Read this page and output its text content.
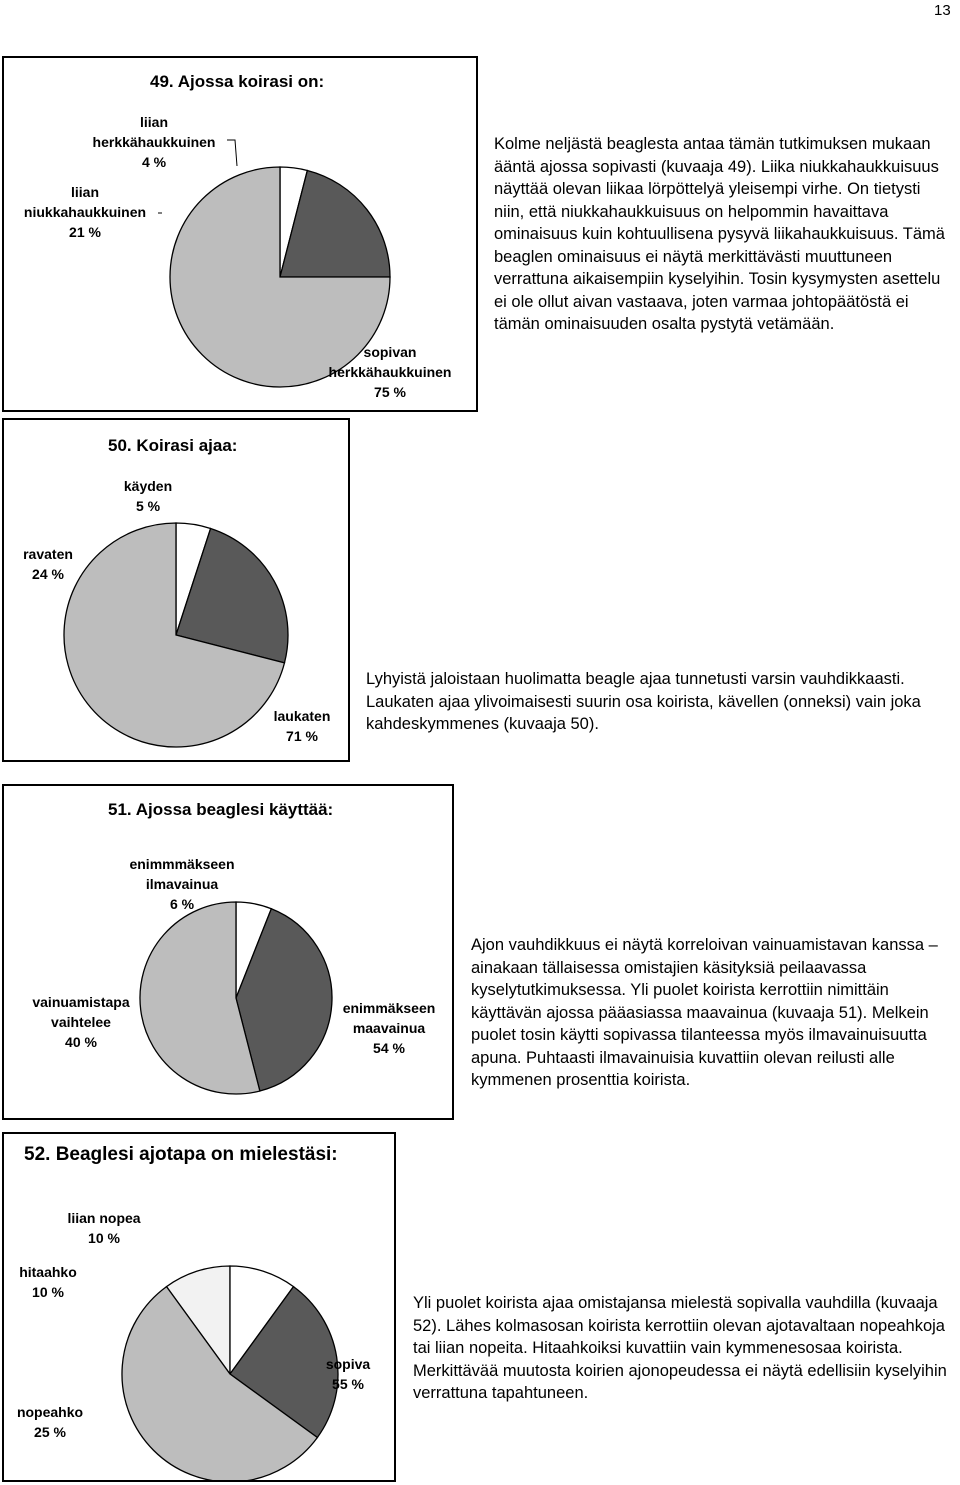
13
49. Ajossa koirasi on:
liian
herkkähaukkuinen
4 %
liian
niukkahaukkuinen
21 %
sopivan
herkkähaukkuinen
75 %

Kolme neljästä beaglesta antaa tämän tutkimuksen mukaan ääntä ajossa sopivasti (kuvaaja 49). Liika niukkahaukkuisuus näyttää olevan liikaa lörpöttelyä yleisempi virhe. On tietysti niin, että niukkahaukkuisuus on helpommin havaittava ominaisuus kuin kohtuullisena pysyvä liikahaukkuisuus. Tämä beaglen ominaisuus ei näytä merkittävästi muuttuneen verrattuna aikaisempiin kyselyihin. Tosin kysymysten asettelu ei ole ollut aivan vastaava, joten varmaa johtopäätöstä ei tämän ominaisuuden osalta pystytä vetämään.

50. Koirasi ajaa:
käyden
5 %
ravaten
24 %
laukaten
71 %

Lyhyistä jaloistaan huolimatta beagle ajaa tunnetusti varsin vauhdikkaasti. Laukaten ajaa ylivoimaisesti suurin osa koirista, kävellen (onneksi) vain joka kahdeskymmenes (kuvaaja 50).

51. Ajossa beaglesi käyttää:
enimmmäkseen
ilmavainua
6 %
vainuamistapa
vaihtelee
40 %
enimmäkseen
maavainua
54 %

Ajon vauhdikkuus ei näytä korreloivan vainuamistavan kanssa – ainakaan tällaisessa omistajien käsityksiä peilaavassa kyselytutkimuksessa. Yli puolet koirista kerrottiin nimittäin käyttävän ajossa pääasiassa maavainua (kuvaaja 51). Melkein puolet tosin käytti sopivassa tilanteessa myös ilmavainuisuutta apuna. Puhtaasti ilmavainuisia kuvattiin olevan reilusti alle kymmenen prosenttia koirista.

52. Beaglesi ajotapa on mielestäsi:
liian nopea
10 %
hitaahko
10 %
nopeahko
25 %
sopiva
55 %

Yli puolet koirista ajaa omistajansa mielestä sopivalla vauhdilla (kuvaaja 52). Lähes kolmasosan koirista kerrottiin olevan ajotavaltaan nopeahkoja tai liian nopeita. Hitaahkoiksi kuvattiin vain kymmenesosaa koirista. Merkittävää muutosta koirien ajonopeudessa ei näytä edellisiin kyselyihin verrattuna tapahtuneen.
